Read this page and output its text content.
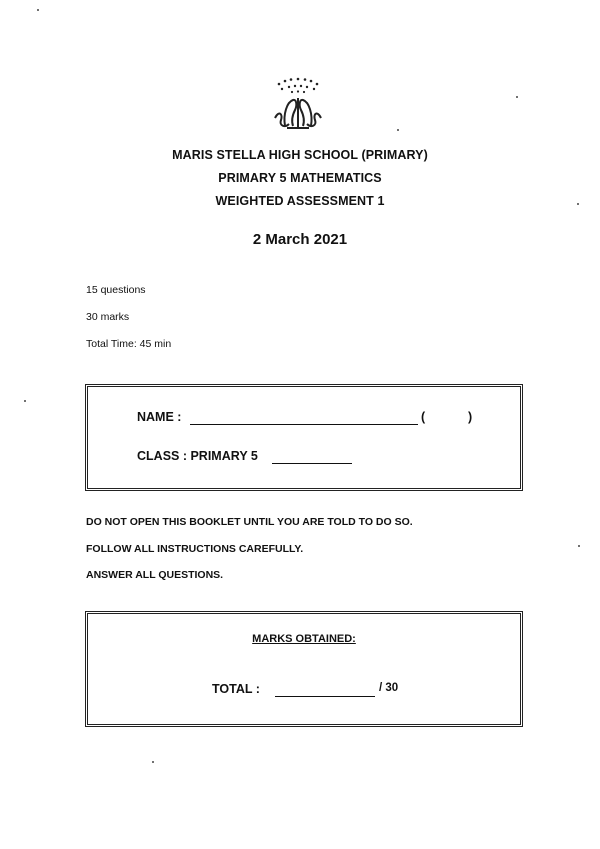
MARIS STELLA HIGH SCHOOL (PRIMARY)
PRIMARY 5 MATHEMATICS
WEIGHTED ASSESSMENT 1
2 March 2021
15 questions
30 marks
Total Time: 45 min
NAME :	(	)
CLASS : PRIMARY 5
DO NOT OPEN THIS BOOKLET UNTIL YOU ARE TOLD TO DO SO.
FOLLOW ALL INSTRUCTIONS CAREFULLY.
ANSWER ALL QUESTIONS.
MARKS OBTAINED:
TOTAL :	/ 30
